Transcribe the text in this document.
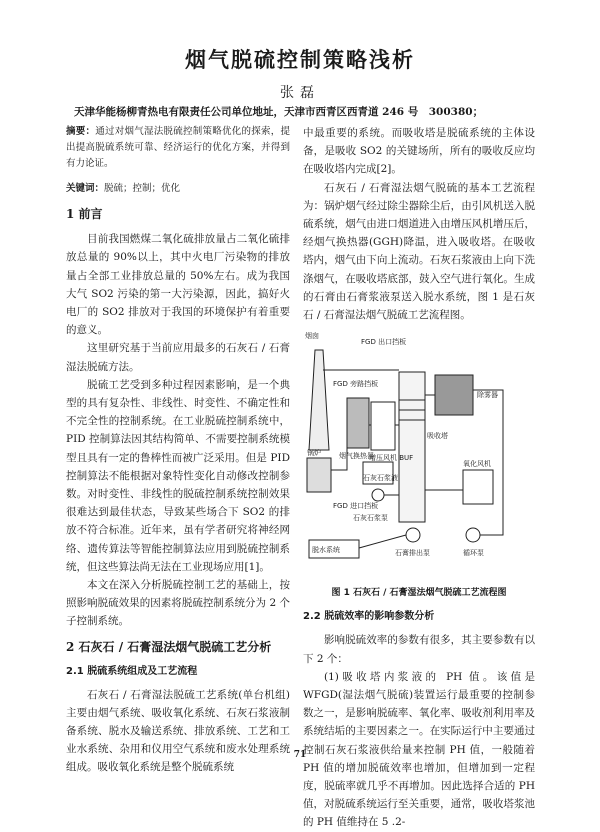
烟气脱硫控制策略浅析
张磊
天津华能杨柳青热电有限责任公司单位地址，天津市西青区西青道 246 号　300380；

摘要：通过对烟气湿法脱硫控制策略优化的探索，提出提高脱硫系统可靠、经济运行的优化方案，并得到有力论证。

关键词：脱硫；控制；优化

1 前言

目前我国燃煤二氧化硫排放量占二氧化硫排放总量的 90%以上，其中火电厂污染物的排放量占全部工业排放总量的 50%左右。成为我国大气 SO2 污染的第一大污染源，因此，搞好火电厂的 SO2 排放对于我国的环境保护有着重要的意义。

这里研究基于当前应用最多的石灰石 / 石膏湿法脱硫方法。

脱硫工艺受到多种过程因素影响，是一个典型的具有复杂性、非线性、时变性、不确定性和不完全性的控制系统。在工业脱硫控制系统中，PID 控制算法因其结构简单、不需要控制系统模型且具有一定的鲁棒性而被广泛采用。但是 PID 控制算法不能根据对象特性变化自动修改控制参数。对时变性、非线性的脱硫控制系统控制效果很难达到最佳状态，导致某些场合下 SO2 的排放不符合标准。近年来，虽有学者研究将神经网络、遗传算法等智能控制算法应用到脱硫控制系统，但这些算法尚无法在工业现场应用[1]。

本文在深入分析脱硫控制工艺的基础上，按照影响脱硫效果的因素将脱硫控制系统分为 2 个子控制系统。

2 石灰石 / 石膏湿法烟气脱硫工艺分析
2.1 脱硫系统组成及工艺流程

石灰石 / 石膏湿法脱硫工艺系统(单台机组)主要由烟气系统、吸收氧化系统、石灰石浆液制备系统、脱水及输送系统、排放系统、工艺和工业水系统、杂用和仪用空气系统和废水处理系统组成。吸收氧化系统是整个脱硫系统

中最重要的系统。而吸收塔是脱硫系统的主体设备，是吸收 SO2 的关键场所，所有的吸收反应均在吸收塔内完成[2]。

石灰石 / 石膏湿法烟气脱硫的基本工艺流程为：锅炉烟气经过除尘器除尘后，由引风机送入脱硫系统，烟气由进口烟道进入由增压风机增压后，经烟气换热器(GGH)降温，进入吸收塔。在吸收塔内，烟气由下向上流动。石灰石浆液由上向下洗涤烟气，在吸收塔底部，鼓入空气进行氧化。生成的石膏由石膏浆液泵送入脱水系统，图 1 是石灰石 / 石膏湿法烟气脱硫工艺流程图。

FGD 出口挡板
FGD 旁路挡板
烟囱
锅炉	烟气换热器
增压风机 BUF
FGD 进口挡板
吸收塔
除雾器
石灰石浆液
氧化风机
石灰石浆泵
脱水系统	石膏排出泵	循环泵

图 1 石灰石 / 石膏湿法烟气脱硫工艺流程图

2.2 脱硫效率的影响参数分析

影响脱硫效率的参数有很多，其主要参数有以下 2 个：

(1)吸收塔内浆液的 PH 值。该值是 WFGD(湿法烟气脱硫)装置运行最重要的控制参数之一，是影响脱硫率、氧化率、吸收剂利用率及系统结垢的主要因素之一。在实际运行中主要通过控制石灰石浆液供给量来控制 PH 值，一般随着 PH 值的增加脱硫效率也增加，但增加到一定程度，脱硫率就几乎不再增加。因此选择合适的 PH 值，对脱硫系统运行至关重要，通常，吸收塔浆池的 PH 值维持在 5 .2-

71
